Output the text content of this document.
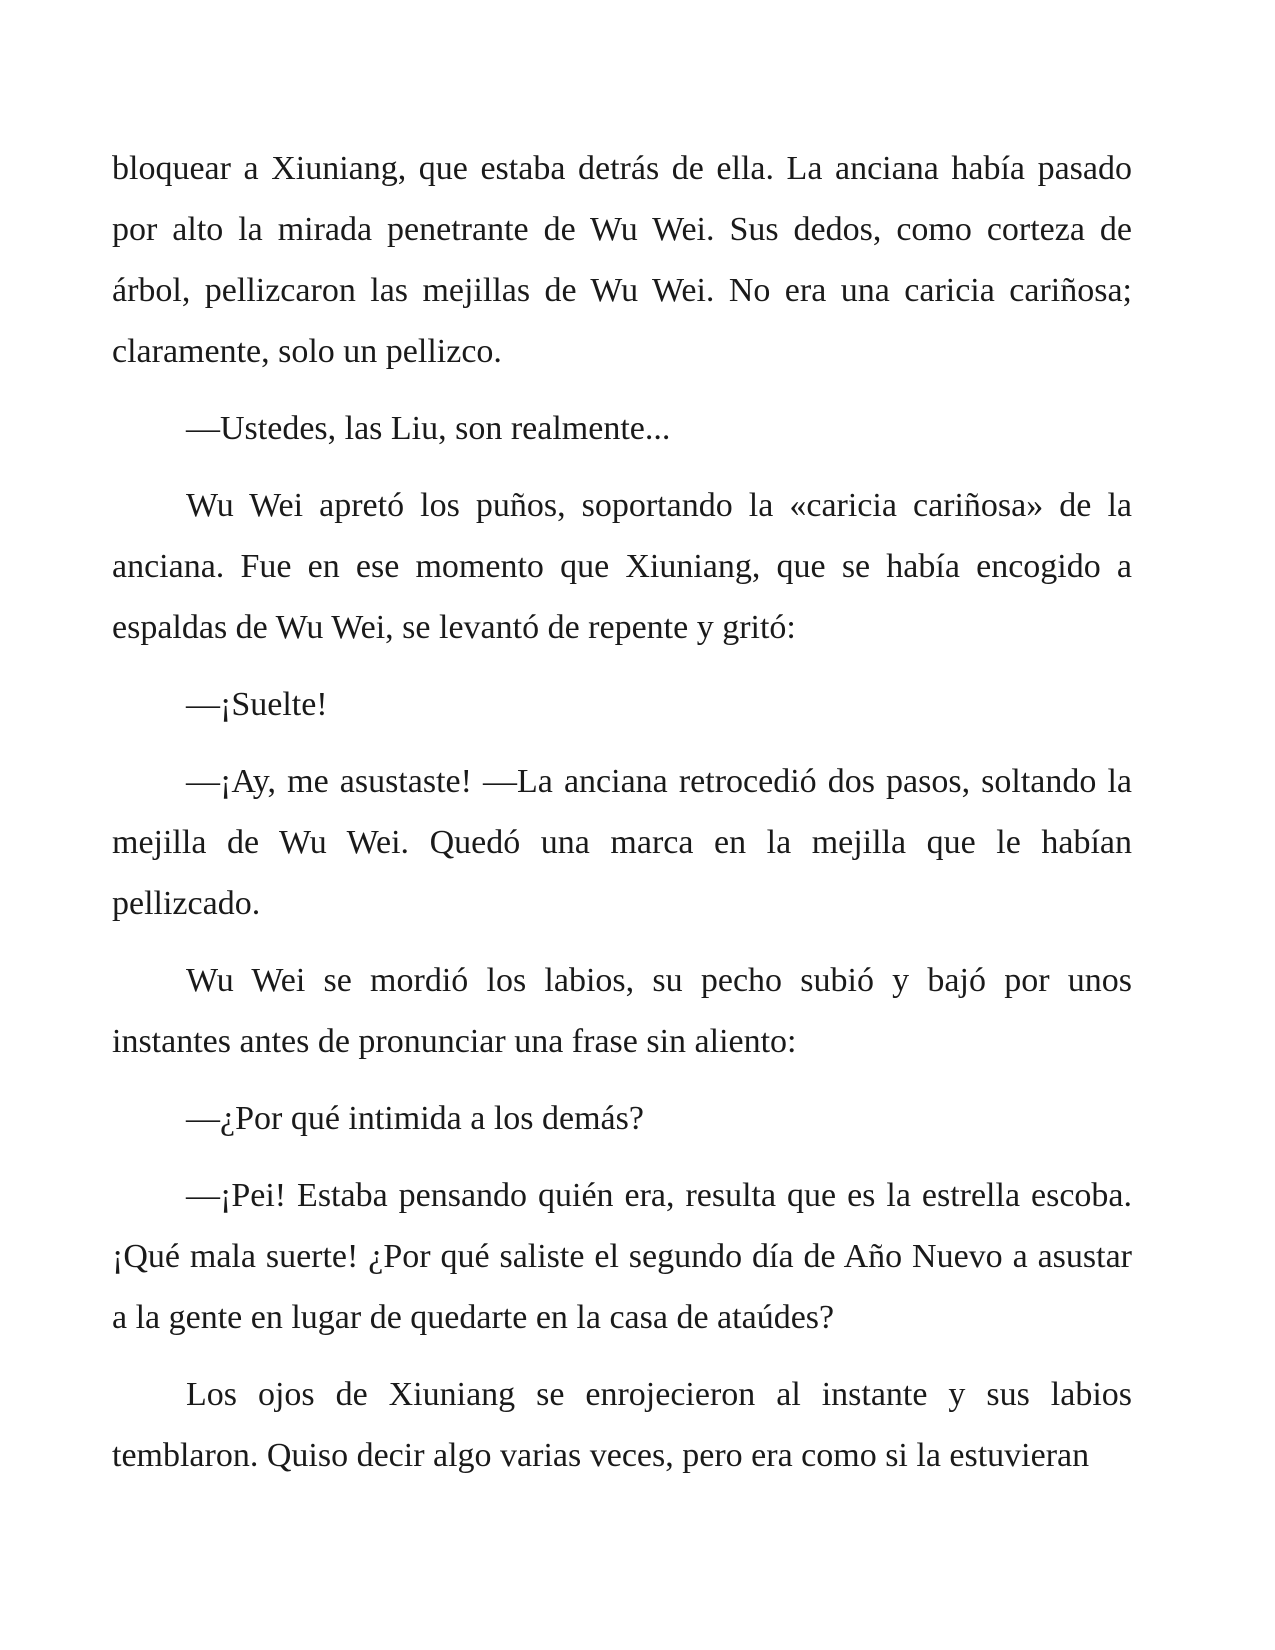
bloquear a Xiuniang, que estaba detrás de ella. La anciana había pasado por alto la mirada penetrante de Wu Wei. Sus dedos, como corteza de árbol, pellizcaron las mejillas de Wu Wei. No era una caricia cariñosa; claramente, solo un pellizco.

—Ustedes, las Liu, son realmente...

Wu Wei apretó los puños, soportando la «caricia cariñosa» de la anciana. Fue en ese momento que Xiuniang, que se había encogido a espaldas de Wu Wei, se levantó de repente y gritó:

—¡Suelte!

—¡Ay, me asustaste! —La anciana retrocedió dos pasos, soltando la mejilla de Wu Wei. Quedó una marca en la mejilla que le habían pellizcado.

Wu Wei se mordió los labios, su pecho subió y bajó por unos instantes antes de pronunciar una frase sin aliento:

—¿Por qué intimida a los demás?

—¡Pei! Estaba pensando quién era, resulta que es la estrella escoba. ¡Qué mala suerte! ¿Por qué saliste el segundo día de Año Nuevo a asustar a la gente en lugar de quedarte en la casa de ataúdes?

Los ojos de Xiuniang se enrojecieron al instante y sus labios temblaron. Quiso decir algo varias veces, pero era como si la estuvieran
